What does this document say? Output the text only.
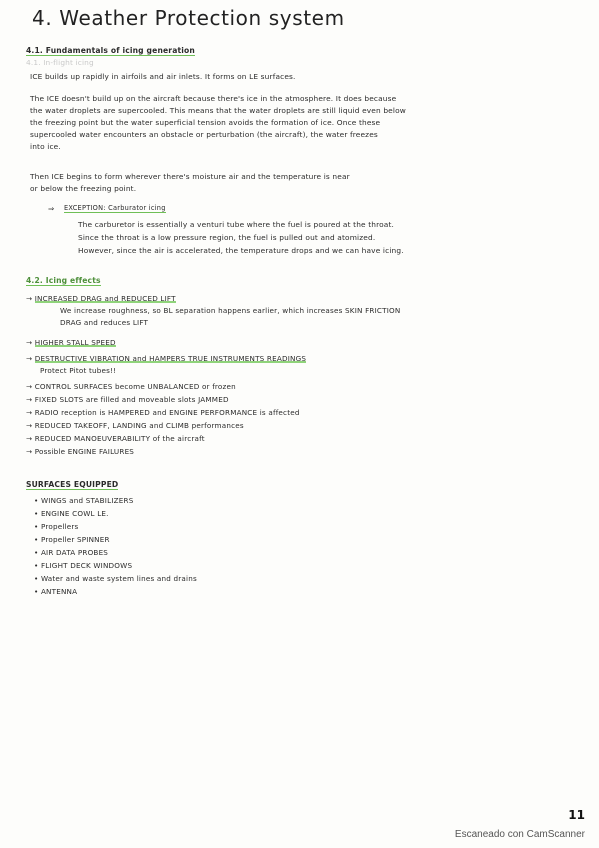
4. Weather Protection system
4.1. Fundamentals of icing generation
4.1. In-flight icing
ICE builds up rapidly in airfoils and air inlets. It forms on LE surfaces.
The ICE doesn't build up on the aircraft because there's ice in the atmosphere. It does because
the water droplets are supercooled. This means that the water droplets are still liquid even below
the freezing point but the water superficial tension avoids the formation of ice. Once these
supercooled water encounters an obstacle or perturbation (the aircraft), the water freezes
into ice.
Then ICE begins to form wherever there's moisture air and the temperature is near
or below the freezing point.
⇒ EXCEPTION: Carburator icing
The carburetor is essentially a venturi tube where the fuel is poured at the throat.
Since the throat is a low pressure region, the fuel is pulled out and atomized.
However, since the air is accelerated, the temperature drops and we can have icing.
4.2. Icing effects
→ INCREASED DRAG and REDUCED LIFT
We increase roughness, so BL separation happens earlier, which increases SKIN FRICTION
DRAG and reduces LIFT
→ HIGHER STALL SPEED
→ DESTRUCTIVE VIBRATION and HAMPERS TRUE INSTRUMENTS READINGS
Protect Pitot tubes!!
→ CONTROL SURFACES become UNBALANCED or frozen
→ FIXED SLOTS are filled and moveable slots JAMMED
→ RADIO reception is HAMPERED and ENGINE PERFORMANCE is affected
→ REDUCED TAKEOFF, LANDING and CLIMB performances
→ REDUCED MANOEUVERABILITY of the aircraft
→ Possible ENGINE FAILURES
SURFACES EQUIPPED
• WINGS and STABILIZERS
• ENGINE COWL LE.
• Propellers
• Propeller SPINNER
• AIR DATA PROBES
• FLIGHT DECK WINDOWS
• Water and waste system lines and drains
• ANTENNA
11
Escaneado con CamScanner
